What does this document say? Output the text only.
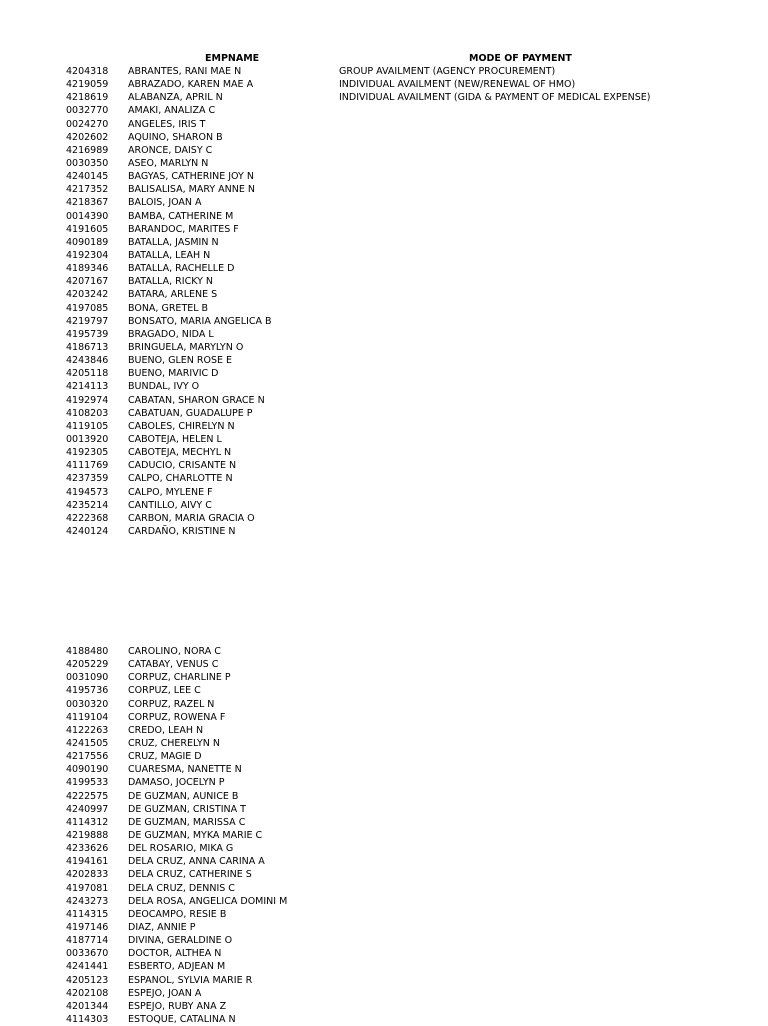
EMPNAME	MODE OF PAYMENT
4204318 ABRANTES, RANI MAE N	GROUP AVAILMENT (AGENCY PROCUREMENT)
4219059 ABRAZADO, KAREN MAE A	INDIVIDUAL AVAILMENT (NEW/RENEWAL OF HMO)
4218619 ALABANZA, APRIL N	INDIVIDUAL AVAILMENT (GIDA & PAYMENT OF MEDICAL EXPENSE)
0032770 AMAKI, ANALIZA C
0024270 ANGELES, IRIS T
4202602 AQUINO, SHARON B
4216989 ARONCE, DAISY C
0030350 ASEO, MARLYN N
4240145 BAGYAS, CATHERINE JOY N
4217352 BALISALISA, MARY ANNE N
4218367 BALOIS, JOAN A
0014390 BAMBA, CATHERINE M
4191605 BARANDOC, MARITES F
4090189 BATALLA, JASMIN N
4192304 BATALLA, LEAH N
4189346 BATALLA, RACHELLE D
4207167 BATALLA, RICKY N
4203242 BATARA, ARLENE S
4197085 BONA, GRETEL B
4219797 BONSATO, MARIA ANGELICA B
4195739 BRAGADO, NIDA L
4186713 BRINGUELA, MARYLYN O
4243846 BUENO, GLEN ROSE E
4205118 BUENO, MARIVIC D
4214113 BUNDAL, IVY O
4192974 CABATAN, SHARON GRACE N
4108203 CABATUAN, GUADALUPE P
4119105 CABOLES, CHIRELYN N
0013920 CABOTEJA, HELEN L
4192305 CABOTEJA, MECHYL N
4111769 CADUCIO, CRISANTE N
4237359 CALPO, CHARLOTTE N
4194573 CALPO, MYLENE F
4235214 CANTILLO, AIVY C
4222368 CARBON, MARIA GRACIA O
4240124 CARDAÑO, KRISTINE N
4188480 CAROLINO, NORA C
4205229 CATABAY, VENUS C
0031090 CORPUZ, CHARLINE P
4195736 CORPUZ, LEE C
0030320 CORPUZ, RAZEL N
4119104 CORPUZ, ROWENA F
4122263 CREDO, LEAH N
4241505 CRUZ, CHERELYN N
4217556 CRUZ, MAGIE D
4090190 CUARESMA, NANETTE N
4199533 DAMASO, JOCELYN P
4222575 DE GUZMAN, AUNICE B
4240997 DE GUZMAN, CRISTINA T
4114312 DE GUZMAN, MARISSA C
4219888 DE GUZMAN, MYKA MARIE C
4233626 DEL ROSARIO, MIKA G
4194161 DELA CRUZ, ANNA CARINA A
4202833 DELA CRUZ, CATHERINE S
4197081 DELA CRUZ, DENNIS C
4243273 DELA ROSA, ANGELICA DOMINI M
4114315 DEOCAMPO, RESIE B
4197146 DIAZ, ANNIE P
4187714 DIVINA, GERALDINE O
0033670 DOCTOR, ALTHEA N
4241441 ESBERTO, ADJEAN M
4205123 ESPANOL, SYLVIA MARIE R
4202108 ESPEJO, JOAN A
4201344 ESPEJO, RUBY ANA Z
4114303 ESTOQUE, CATALINA N
